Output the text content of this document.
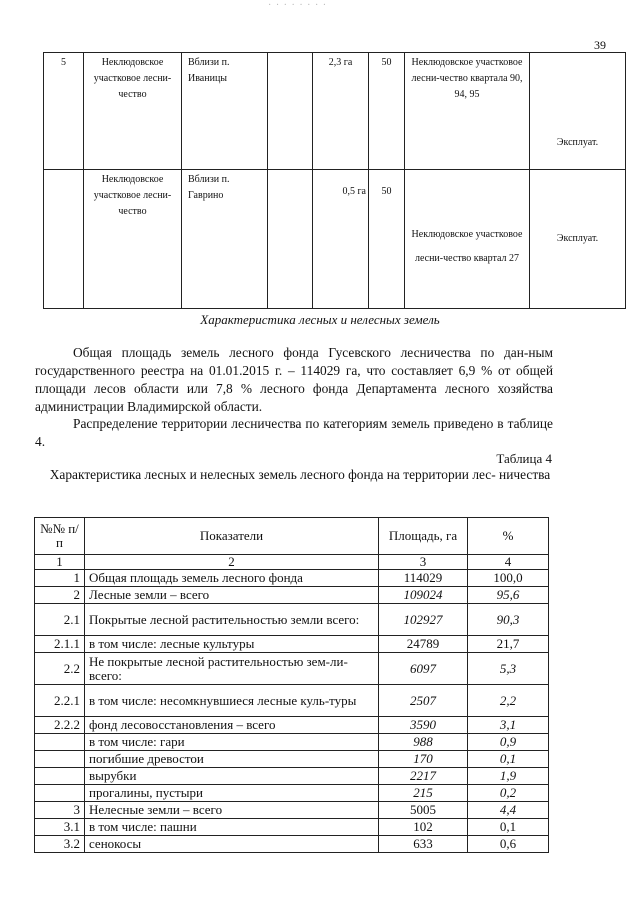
· · · · · · · ·
39
5	Неклюдовское участковое лесни-чество	Вблизи п. Иваницы		2,3 га	50	Неклюдовское участковое лесни-чество квартала 90, 94, 95	Эксплуат.
	Неклюдовское участковое лесни-чество	Вблизи п. Гаврино		0,5 га	50	Неклюдовское участковое лесни-чество квартал 27	Эксплуат.
Характеристика лесных и нелесных земель

Общая площадь земель лесного фонда Гусевского лесничества по дан-ным государственного реестра на 01.01.2015 г. – 114029 га, что составляет 6,9 % от общей площади лесов области или 7,8 % лесного фонда Департамента лесного хозяйства администрации Владимирской области.

Распределение территории лесничества по категориям земель приведено в таблице 4.

Таблица 4
Характеристика лесных и нелесных земель лесного фонда на территории лес- ничества
№№ п/п	Показатели	Площадь, га	%
1	2	3	4
1	Общая площадь земель лесного фонда	114029	100,0
2	Лесные земли – всего	109024	95,6
2.1	Покрытые лесной растительностью земли всего:	102927	90,3
2.1.1	в том числе: лесные культуры	24789	21,7
2.2	Не покрытые лесной растительностью зем-ли-всего:	6097	5,3
2.2.1	в том числе: несомкнувшиеся лесные куль-туры	2507	2,2
2.2.2	фонд лесовосстановления – всего	3590	3,1
	в том числе: гари	988	0,9
	погибшие древостои	170	0,1
	вырубки	2217	1,9
	прогалины, пустыри	215	0,2
3	Нелесные земли – всего	5005	4,4
3.1	в том числе: пашни	102	0,1
3.2	сенокосы	633	0,6
